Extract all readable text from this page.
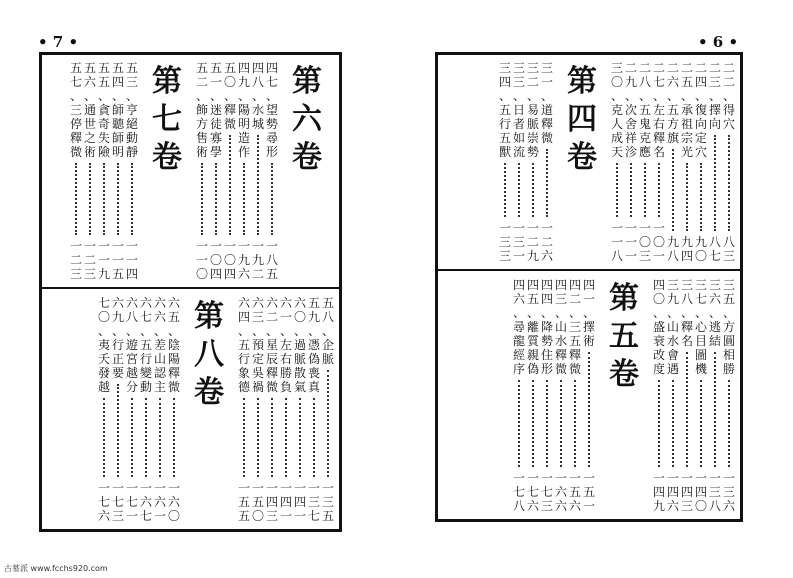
• 7 •
第
六
卷
四
七
、
望
勢
尋
形
一
八
五
四
八
、
水
城
一
九
二
四
九
、
陽
明
造
作
一
九
六
五
〇
、
釋
微
一
〇
四
五
一
、
迷
徒
寡
學
一
〇
四
五
二
、
飾
方
售
術
一
一
〇
第
七
卷
五
三
、
亨
絕
動
靜
一
一
四
五
四
、
師
聽
師
明
一
一
五
五
五
、
貪
奇
失
險
一
一
九
五
六
、
通
世
之
術
一
二
三
五
七
、
三
停
釋
微
一
二
三
五
八
、
企
脈
一
三
五
五
九
、
憑
偽
喪
真
一
三
七
六
〇
、
過
脈
散
氣
一
四
一
六
一
、
左
右
勝
負
一
四
一
六
二
、
星
辰
釋
微
一
四
三
六
三
、
預
定
吳
禍
一
五
〇
六
四
、
五
行
象
德
一
五
五
第
八
卷
六
五
、
陰
陽
釋
微
一
六
〇
六
六
、
差
山
認
主
一
六
一
六
七
、
五
行
變
動
一
六
七
六
八
、
遊
宮
越
分
一
七
一
六
九
、
行
正
要
一
七
三
七
〇
、
夷
夭
發
越
一
七
六
• 6 •
二
二
、
得
穴
八
三
二
三
、
擇
向
八
七
二
四
、
復
向
定
穴
九
〇
二
五
、
承
祖
宗
光
九
四
二
六
、
五
方
旗
九
八
二
七
、
左
右
釋
名
一
〇
一
二
八
、
五
鬼
克
應
一
〇
三
二
九
、
次
舍
祥
沴
一
一
一
三
〇
、
克
人
成
天
一
一
八
第
四
卷
三
一
、
道
釋
微
一
二
六
三
二
、
易
脈
崇
勢
一
二
九
三
三
、
日
者
如
流
一
三
一
三
四
、
五
行
五
獸
一
三
三
三
五
、
方
圓
相
勝
一
三
六
三
六
、
逃
結
一
三
八
三
七
、
心
目
圖
機
一
四
〇
三
八
、
釋
名
一
四
三
三
九
、
山
水
會
遇
一
四
六
四
〇
、
盛
衰
改
度
一
四
九
第
五
卷
四
一
、
擇
術
一
五
一
四
二
、
三
五
釋
微
一
五
六
四
三
、
山
水
釋
微
一
六
六
四
四
、
降
勢
住
形
一
七
三
四
五
、
離
質
親
偽
一
七
六
四
六
、
尋
龍
經
序
一
七
八
古墓派 www.fcchs920.com
